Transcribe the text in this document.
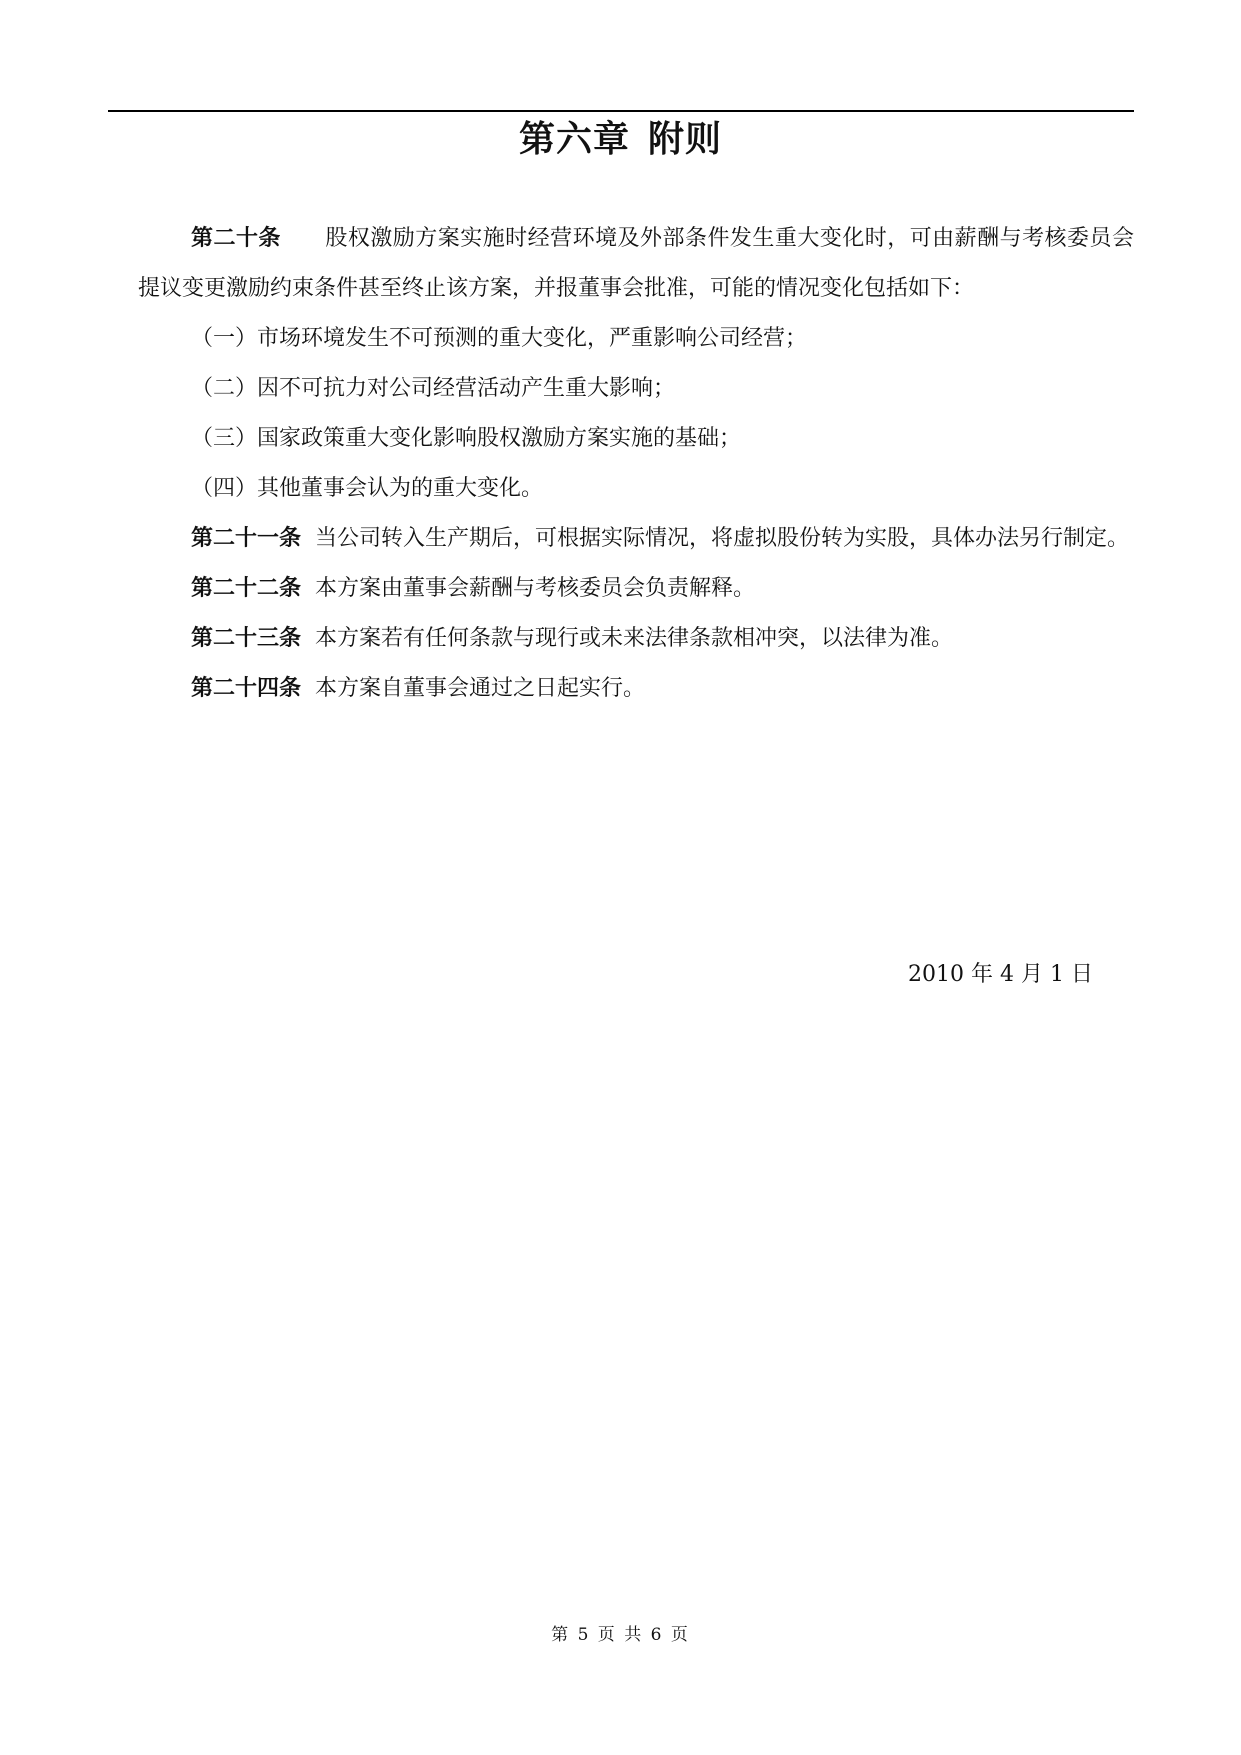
第六章 附则

第二十条 股权激励方案实施时经营环境及外部条件发生重大变化时，可由薪酬与考核委员会提议变更激励约束条件甚至终止该方案，并报董事会批准，可能的情况变化包括如下：

（一）市场环境发生不可预测的重大变化，严重影响公司经营；

（二）因不可抗力对公司经营活动产生重大影响；

（三）国家政策重大变化影响股权激励方案实施的基础；

（四）其他董事会认为的重大变化。

第二十一条 当公司转入生产期后，可根据实际情况，将虚拟股份转为实股，具体办法另行制定。

第二十二条 本方案由董事会薪酬与考核委员会负责解释。

第二十三条 本方案若有任何条款与现行或未来法律条款相冲突，以法律为准。

第二十四条 本方案自董事会通过之日起实行。

2010 年 4 月 1 日
第 5 页 共 6 页
